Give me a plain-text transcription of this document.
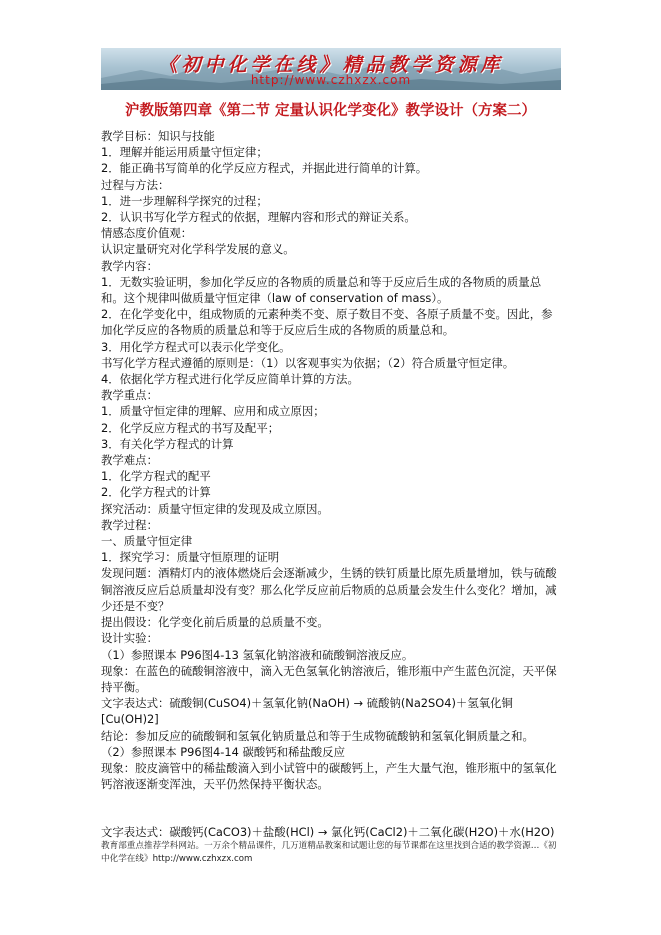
《初中化学在线》精品教学资源库
http://www.czhxzx.com
沪教版第四章《第二节 定量认识化学变化》教学设计（方案二）

教学目标：知识与技能

1．理解并能运用质量守恒定律；

2．能正确书写简单的化学反应方程式，并据此进行简单的计算。

过程与方法：

1．进一步理解科学探究的过程；

2．认识书写化学方程式的依据，理解内容和形式的辩证关系。

情感态度价值观：

认识定量研究对化学科学发展的意义。

教学内容：

1．无数实验证明，参加化学反应的各物质的质量总和等于反应后生成的各物质的质量总和。这个规律叫做质量守恒定律（law of conservation of mass）。

2．在化学变化中，组成物质的元素种类不变、原子数目不变、各原子质量不变。因此，参加化学反应的各物质的质量总和等于反应后生成的各物质的质量总和。

3．用化学方程式可以表示化学变化。

书写化学方程式遵循的原则是：（1）以客观事实为依据；（2）符合质量守恒定律。

4．依据化学方程式进行化学反应简单计算的方法。

教学重点：

1．质量守恒定律的理解、应用和成立原因；

2．化学反应方程式的书写及配平；

3．有关化学方程式的计算

教学难点：

1．化学方程式的配平

2．化学方程式的计算

探究活动：质量守恒定律的发现及成立原因。

教学过程：

一、质量守恒定律

1．探究学习：质量守恒原理的证明

发现问题：酒精灯内的液体燃烧后会逐渐减少，生锈的铁钉质量比原先质量增加，铁与硫酸铜溶液反应后总质量却没有变？那么化学反应前后物质的总质量会发生什么变化？增加，减少还是不变？

提出假设：化学变化前后质量的总质量不变。

设计实验：

（1）参照课本 P96图4-13 氢氧化钠溶液和硫酸铜溶液反应。

现象：在蓝色的硫酸铜溶液中，滴入无色氢氧化钠溶液后，锥形瓶中产生蓝色沉淀，天平保持平衡。

文字表达式：硫酸铜(CuSO4)＋氢氧化钠(NaOH) → 硫酸钠(Na2SO4)＋氢氧化铜[Cu(OH)2]

结论：参加反应的硫酸铜和氢氧化钠质量总和等于生成物硫酸钠和氢氧化铜质量之和。

（2）参照课本 P96图4-14 碳酸钙和稀盐酸反应

现象：胶皮滴管中的稀盐酸滴入到小试管中的碳酸钙上，产生大量气泡，锥形瓶中的氢氧化钙溶液逐渐变浑浊，天平仍然保持平衡状态。

文字表达式：碳酸钙(CaCO3)＋盐酸(HCl) → 氯化钙(CaCl2)＋二氧化碳(H2O)＋水(H2O)

教育部重点推荐学科网站。一万余个精品课件，几万道精品教案和试题让您的每节课都在这里找到合适的教学资源…《初中化学在线》http://www.czhxzx.com
